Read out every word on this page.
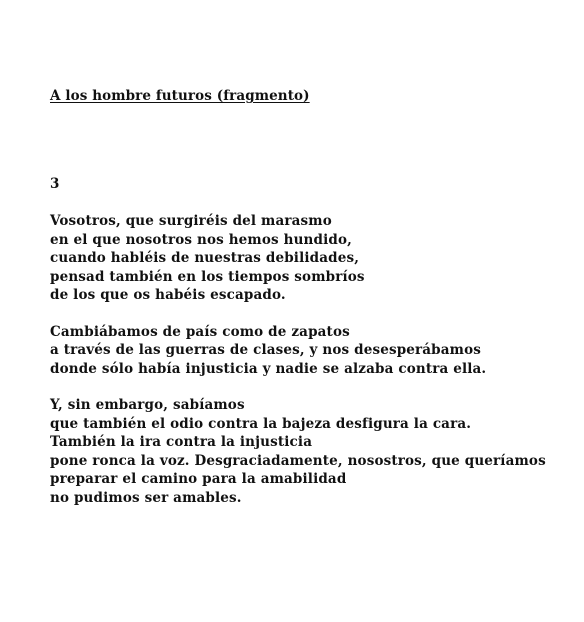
A los hombre futuros (fragmento)
3
Vosotros, que surgiréis del marasmo
en el que nosotros nos hemos hundido,
cuando habléis de nuestras debilidades,
pensad también en los tiempos sombríos
de los que os habéis escapado.
Cambiábamos de país como de zapatos
a través de las guerras de clases, y nos desesperábamos
donde sólo había injusticia y nadie se alzaba contra ella.
Y, sin embargo, sabíamos
que también el odio contra la bajeza desfigura la cara.
También la ira contra la injusticia
pone ronca la voz. Desgraciadamente, nosostros, que queríamos
preparar el camino para la amabilidad
no pudimos ser amables.
